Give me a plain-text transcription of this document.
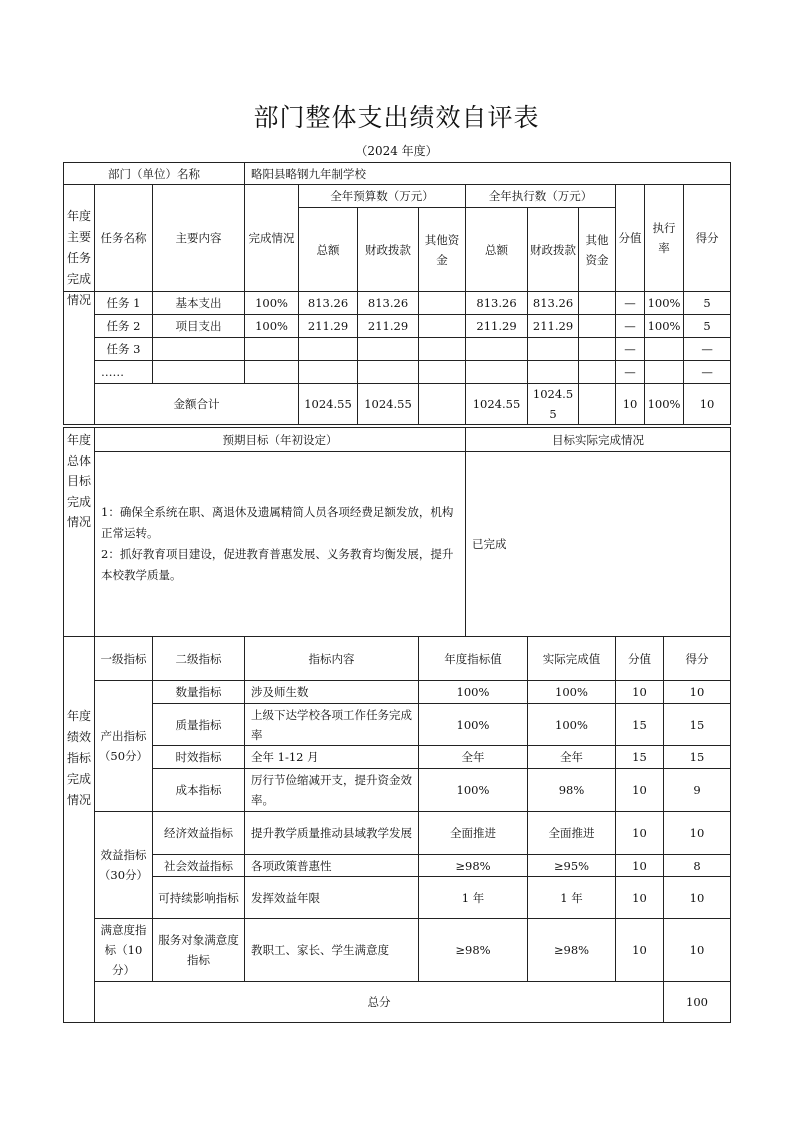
部门整体支出绩效自评表
（2024 年度）
部门（单位）名称			略阳县略钢九年制学校									
	任务名称	主要内容	完成情况	全年预算数（万元）			全年执行数（万元）			分值	执行率	得分
				总额	财政拨款	其他资金	总额	财政拨款	其他资金			
	任务 1	基本支出	100%	813.26	813.26		813.26	813.26		—	100%	5
	任务 2	项目支出	100%	211.29	211.29		211.29	211.29		—	100%	5
	任务 3									—		—
	……									—		—
	金额合计			1024.55	1024.55		1024.55	1024.55		10	100%	10
年度主要任务完成情况
	预期目标（年初设定）	目标实际完成情况

	1：确保全系统在职、离退休及遗属精简人员各项经费足额发放，机构正常运转。
2：抓好教育项目建设，促进教育普惠发展、义务教育均衡发展，提升本校教学质量。	已完成
年度总体目标完成情况
	一级指标	二级指标	指标内容	年度指标值	实际完成值	分值	得分	
	产出指标（50分）	数量指标	涉及师生数	100%	100%	10	10	
		质量指标	上级下达学校各项工作任务完成率	100%	100%	15	15	
		时效指标	全年 1-12 月	全年	全年	15	15	
		成本指标	厉行节俭缩减开支，提升资金效率。	100%	98%	10	9	
	效益指标（30分）	经济效益指标	提升教学质量推动县域教学发展	全面推进	全面推进	10	10	
		社会效益指标	各项政策普惠性	≥98%	≥95%	10	8	
		可持续影响指标	发挥效益年限	1 年	1 年	10	10	
	满意度指标（10分）	服务对象满意度指标	教职工、家长、学生满意度	≥98%	≥98%	10	10	
	总分						100	
年度绩效指标完成情况
